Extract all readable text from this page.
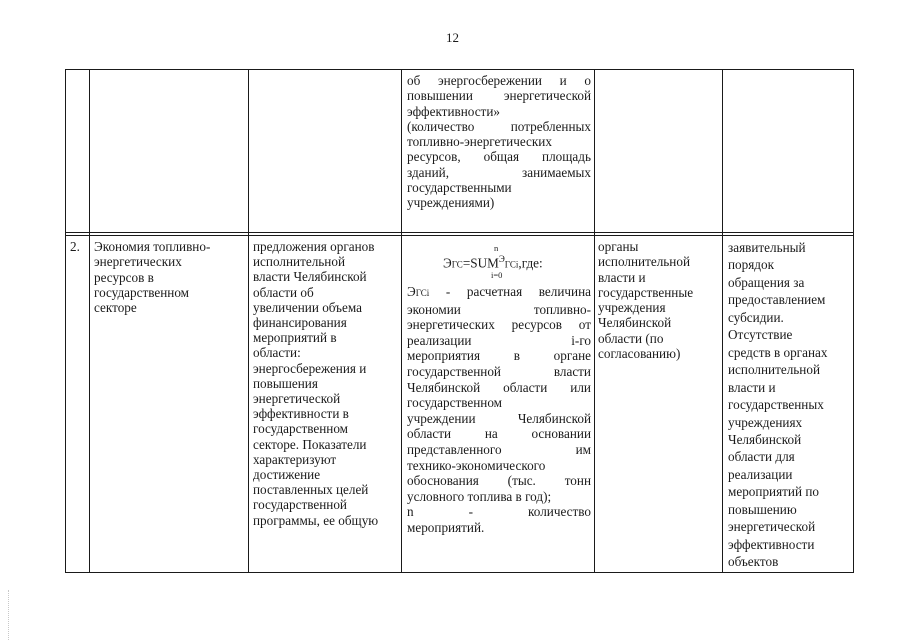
12
об энергосбережении и о
повышении энергетической
эффективности»
(количество потребленных
топливно-энергетических
ресурсов, общая площадь
зданий, занимаемых
государственными
учреждениями)
2.	Экономия топливно-
энергетических
ресурсов в
государственном
секторе
предложения органов
исполнительной
власти Челябинской
области об
увеличении объема
финансирования
мероприятий в
области:
энергосбережения и
повышения
энергетической
эффективности в
государственном
секторе. Показатели
характеризуют
достижение
поставленных целей
государственной
программы, ее общую
n
$ЭГС=SUM^ЭГСi,где$:
i=0
ЭГСi - расчетная величина
экономии топливно-
энергетических ресурсов от
реализации i-го
мероприятия в органе
государственной власти
Челябинской области или
государственном
учреждении Челябинской
области на основании
представленного им
технико-экономического
обоснования (тыс. тонн
условного топлива в год);
n - количество
мероприятий.
органы
исполнительной
власти и
государственные
учреждения
Челябинской
области (по
согласованию)
заявительный
порядок
обращения за
предоставлением
субсидии.
Отсутствие
средств в органах
исполнительной
власти и
государственных
учреждениях
Челябинской
области для
реализации
мероприятий по
повышению
энергетической
эффективности
объектов
